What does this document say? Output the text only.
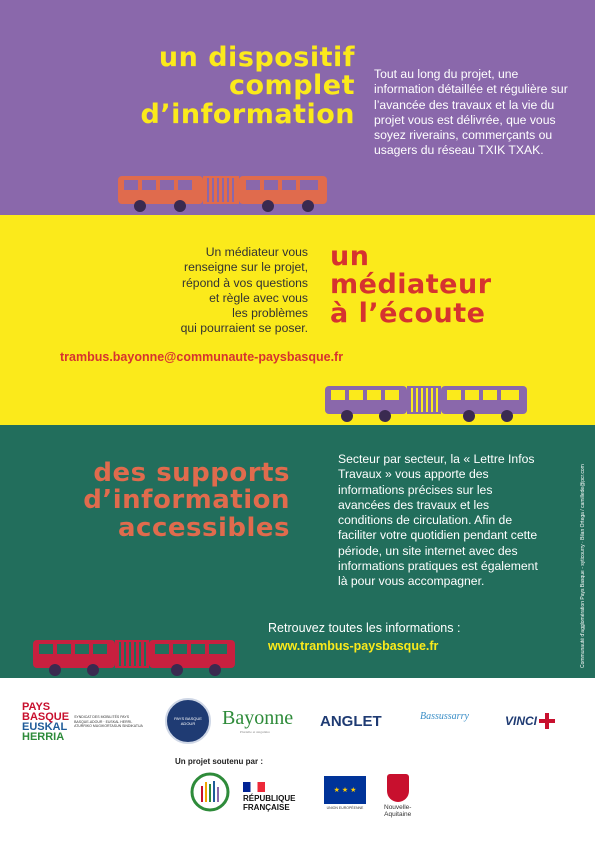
un dispositif
complet
d’information
Tout au long du projet, une information détaillée et régulière sur l’avancée des travaux et la vie du projet vous est délivrée, que vous soyez riverains, commerçants ou usagers du réseau TXIK TXAK.
Un médiateur vous
renseigne sur le projet,
répond à vos questions
et règle avec vous
les problèmes
qui pourraient se poser.
un
médiateur
à l’écoute
trambus.bayonne@communaute-paysbasque.fr
des supports
d’information
accessibles
Secteur par secteur, la « Lettre Infos Travaux » vous apporte des informations précises sur les avancées des travaux et les conditions de circulation. Afin de faciliter votre quotidien pendant cette période, un site internet avec des informations pratiques est également là pour vous accompagner.
Retrouvez toutes les informations :
www.trambus-paysbasque.fr	Communauté d’agglomération Pays Basque - syticourry · Bilan Ortega / camillede@pcr.com
PAYS
BASQUE
EUSKAL
HERRIA
SYNDICAT DES MOBILITÉS PAYS BASQUE-ADOUR · EUSKAL HERRI-ATURRIKO MUGIKORTASUN SINDIKATUA
PAYS BASQUE ADOUR	Bayonne
Plurielle et singulière
ANGLET	Bassussarry	VINCI
Un projet soutenu par :
RÉPUBLIQUE
FRANÇAISE
★ ★ ★
UNION EUROPÉENNE	Nouvelle-
Aquitaine
